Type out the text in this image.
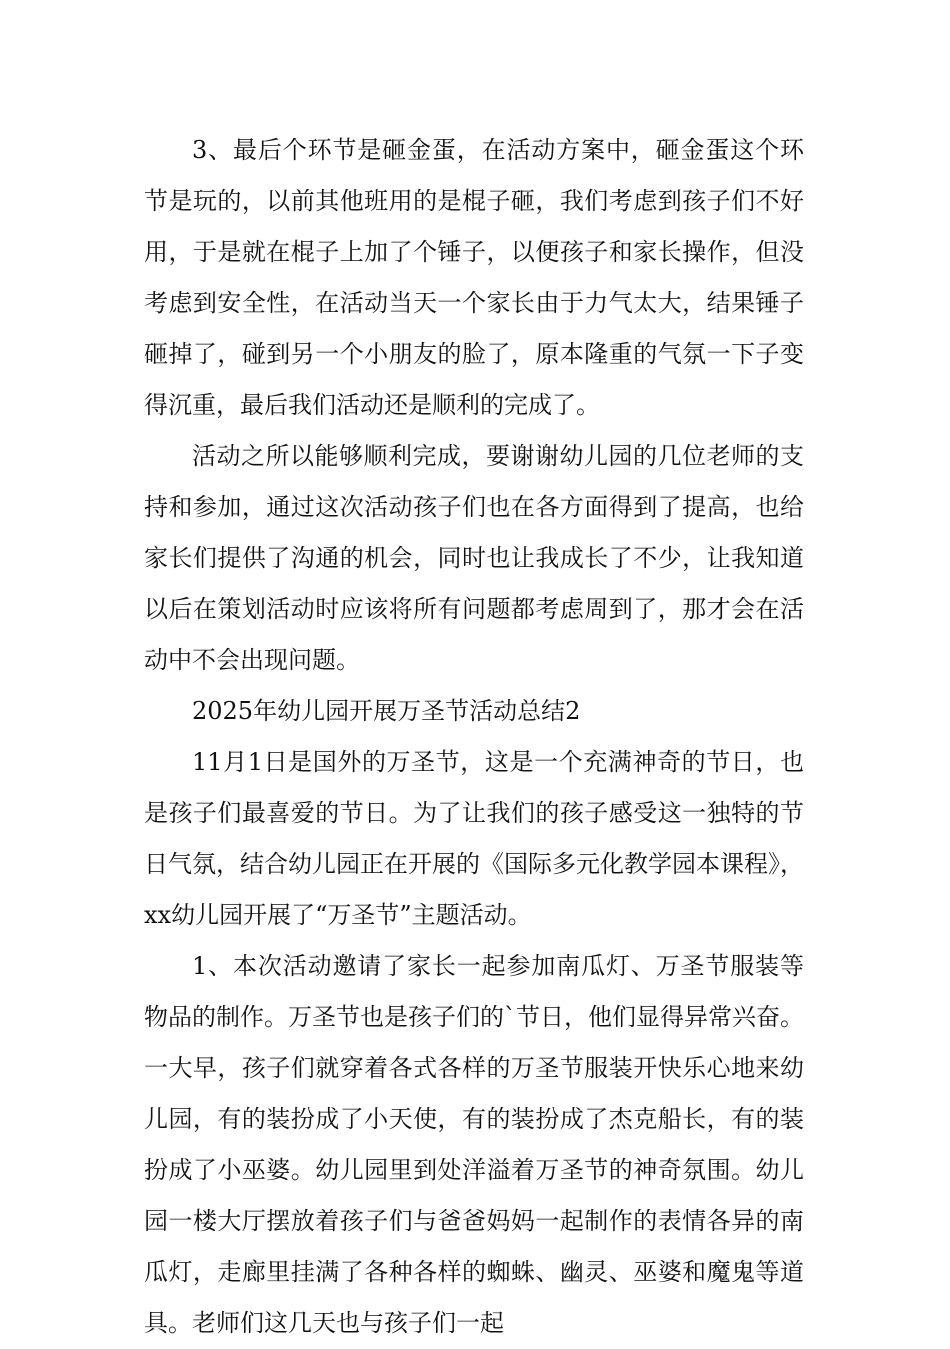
3、最后个环节是砸金蛋，在活动方案中，砸金蛋这个环节是玩的，以前其他班用的是棍子砸，我们考虑到孩子们不好用，于是就在棍子上加了个锤子，以便孩子和家长操作，但没考虑到安全性，在活动当天一个家长由于力气太大，结果锤子砸掉了，碰到另一个小朋友的脸了，原本隆重的气氛一下子变得沉重，最后我们活动还是顺利的完成了。

活动之所以能够顺利完成，要谢谢幼儿园的几位老师的支持和参加，通过这次活动孩子们也在各方面得到了提高，也给家长们提供了沟通的机会，同时也让我成长了不少，让我知道以后在策划活动时应该将所有问题都考虑周到了，那才会在活动中不会出现问题。

2025年幼儿园开展万圣节活动总结2

11月1日是国外的万圣节，这是一个充满神奇的节日，也是孩子们最喜爱的节日。为了让我们的孩子感受这一独特的节日气氛，结合幼儿园正在开展的《国际多元化教学园本课程》，xx幼儿园开展了“万圣节”主题活动。

1、本次活动邀请了家长一起参加南瓜灯、万圣节服装等物品的制作。万圣节也是孩子们的`节日，他们显得异常兴奋。一大早，孩子们就穿着各式各样的万圣节服装开快乐心地来幼儿园，有的装扮成了小天使，有的装扮成了杰克船长，有的装扮成了小巫婆。幼儿园里到处洋溢着万圣节的神奇氛围。幼儿园一楼大厅摆放着孩子们与爸爸妈妈一起制作的表情各异的南瓜灯，走廊里挂满了各种各样的蜘蛛、幽灵、巫婆和魔鬼等道具。老师们这几天也与孩子们一起
